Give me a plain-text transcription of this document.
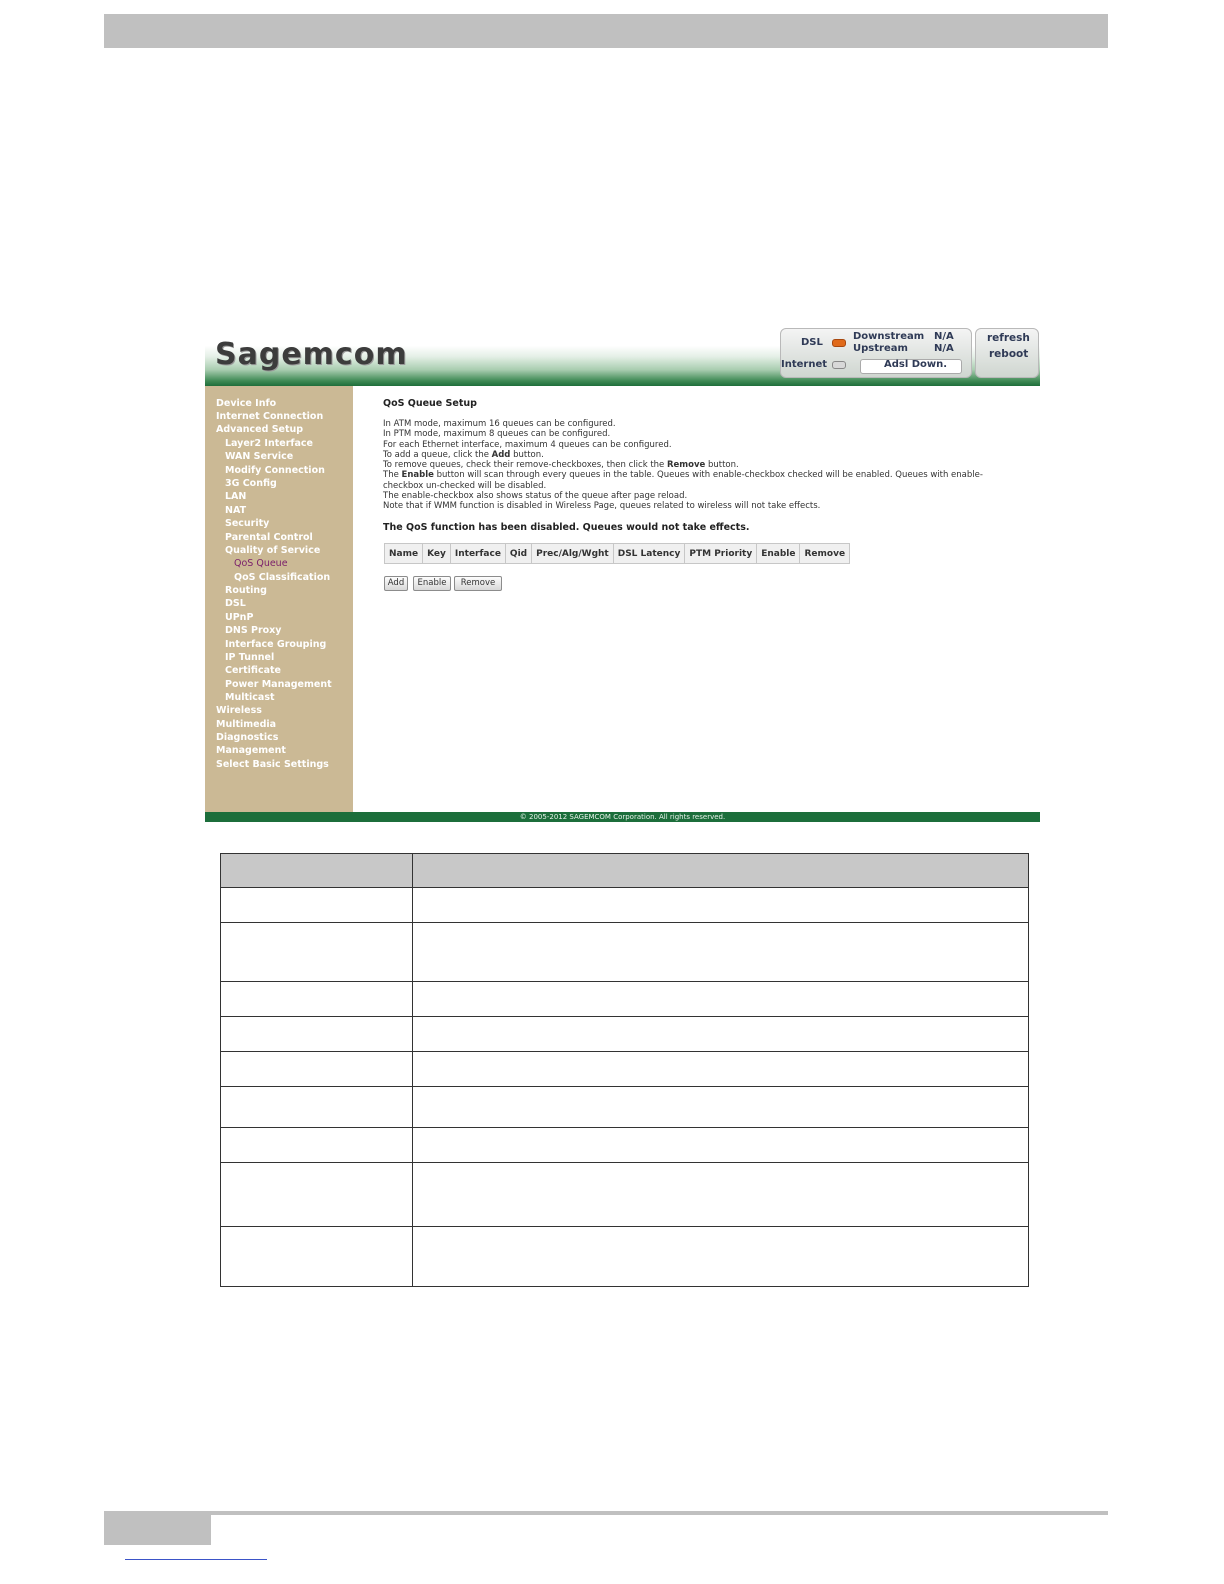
Sagemcom	DSL
Downstream N/A
Upstream	N/A
Internet	Adsl Down.
refresh
reboot
Device Info
Internet Connection
Advanced Setup
Layer2 Interface
WAN Service
Modify Connection
3G Config
LAN
NAT
Security
Parental Control
Quality of Service
QoS Queue
QoS Classification
Routing
DSL
UPnP
DNS Proxy
Interface Grouping
IP Tunnel
Certificate
Power Management
Multicast
Wireless
Multimedia
Diagnostics
Management
Select Basic Settings
QoS Queue Setup

In ATM mode, maximum 16 queues can be configured.

In PTM mode, maximum 8 queues can be configured.

For each Ethernet interface, maximum 4 queues can be configured.

To add a queue, click the Add button.

To remove queues, check their remove-checkboxes, then click the Remove button.

The Enable button will scan through every queues in the table. Queues with enable-checkbox checked will be enabled. Queues with enable-

checkbox un-checked will be disabled.

The enable-checkbox also shows status of the queue after page reload.

Note that if WMM function is disabled in Wireless Page, queues related to wireless will not take effects.

The QoS function has been disabled. Queues would not take effects.
Name	Key	Interface	Qid	Prec/Alg/Wght	DSL Latency	PTM Priority	Enable	Remove
Add	Enable	Remove
© 2005-2012 SAGEMCOM Corporation. All rights reserved.
